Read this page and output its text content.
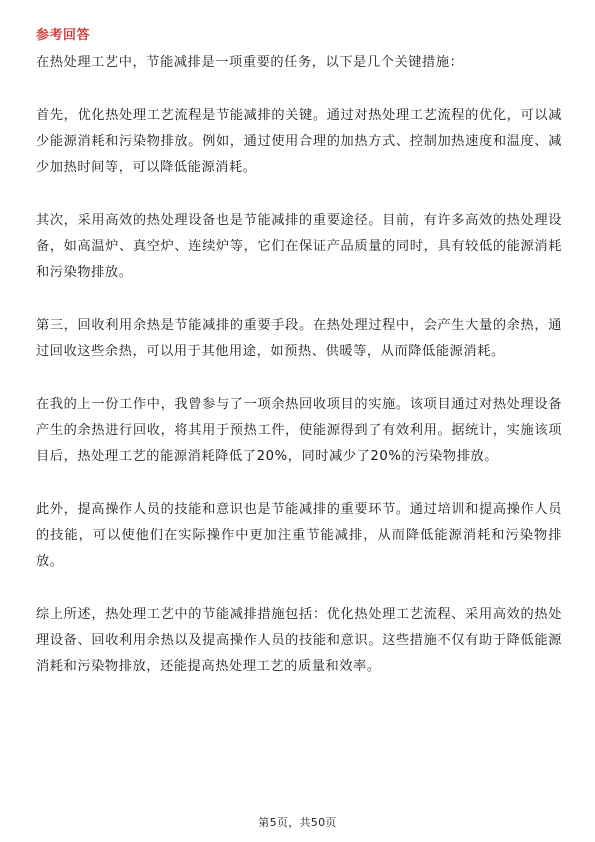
参考回答

在热处理工艺中，节能减排是一项重要的任务，以下是几个关键措施：

首先，优化热处理工艺流程是节能减排的关键。通过对热处理工艺流程的优化，可以减少能源消耗和污染物排放。例如，通过使用合理的加热方式、控制加热速度和温度、减少加热时间等，可以降低能源消耗。

其次，采用高效的热处理设备也是节能减排的重要途径。目前，有许多高效的热处理设备，如高温炉、真空炉、连续炉等，它们在保证产品质量的同时，具有较低的能源消耗和污染物排放。

第三，回收利用余热是节能减排的重要手段。在热处理过程中，会产生大量的余热，通过回收这些余热，可以用于其他用途，如预热、供暖等，从而降低能源消耗。

在我的上一份工作中，我曾参与了一项余热回收项目的实施。该项目通过对热处理设备产生的余热进行回收，将其用于预热工件，使能源得到了有效利用。据统计，实施该项目后，热处理工艺的能源消耗降低了20%，同时减少了20%的污染物排放。

此外，提高操作人员的技能和意识也是节能减排的重要环节。通过培训和提高操作人员的技能，可以使他们在实际操作中更加注重节能减排，从而降低能源消耗和污染物排放。

综上所述，热处理工艺中的节能减排措施包括：优化热处理工艺流程、采用高效的热处理设备、回收利用余热以及提高操作人员的技能和意识。这些措施不仅有助于降低能源消耗和污染物排放，还能提高热处理工艺的质量和效率。

第5页，共50页
